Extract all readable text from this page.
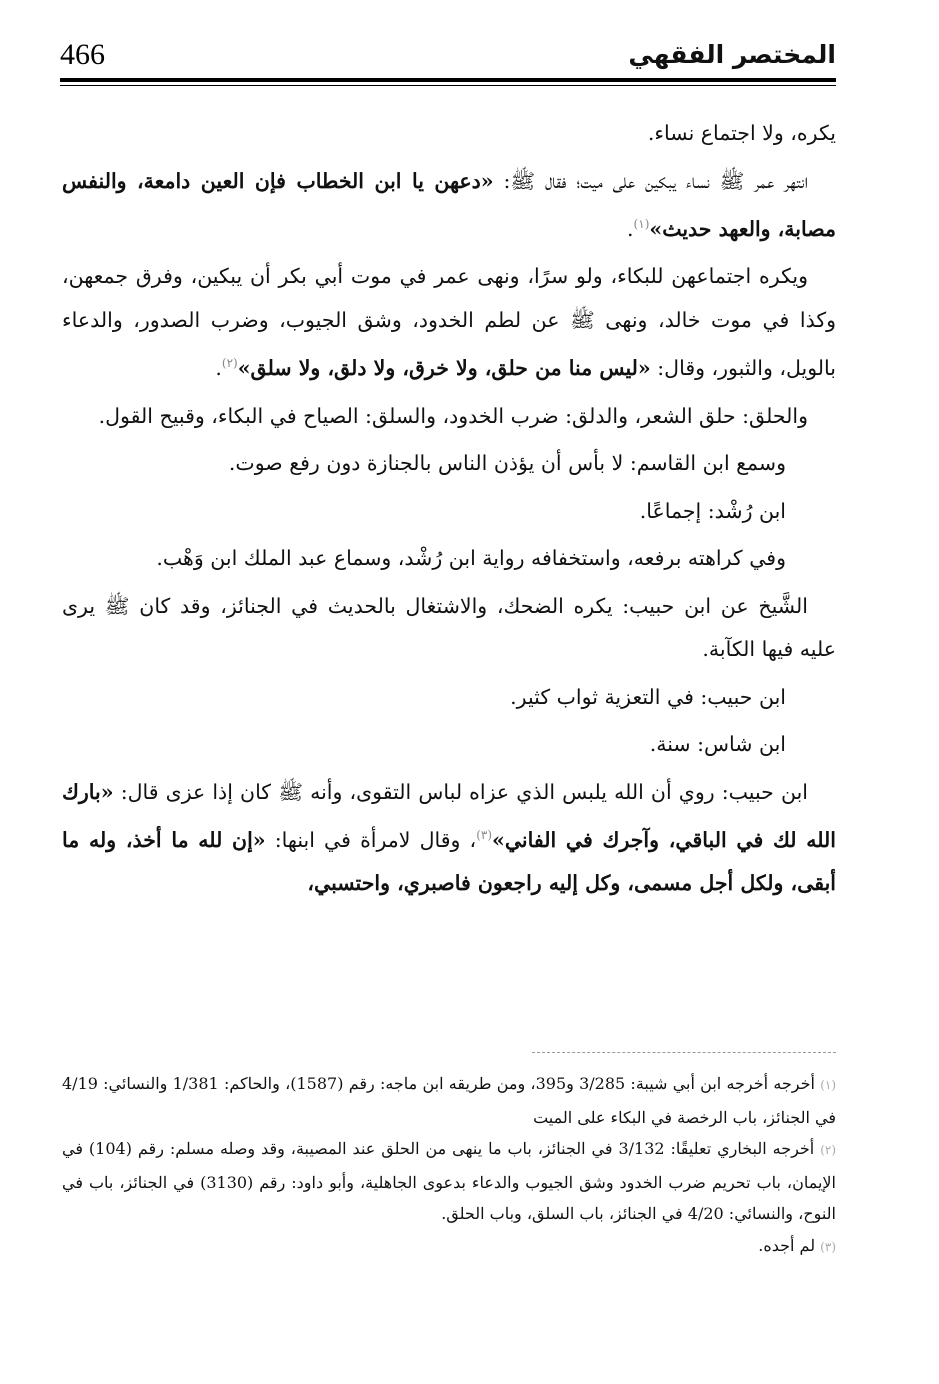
466	المختصر الفقهي

يكره، ولا اجتماع نساء.

انتهر عمر ﷺ نساء يبكين على ميت؛ فقال ﷺ: «دعهن يا ابن الخطاب فإن العين دامعة، والنفس مصابة، والعهد حديث»$^{(١)}$.

ويكره اجتماعهن للبكاء، ولو سرًا، ونهى عمر في موت أبي بكر أن يبكين، وفرق جمعهن، وكذا في موت خالد، ونهى ﷺ عن لطم الخدود، وشق الجيوب، وضرب الصدور، والدعاء بالويل، والثبور، وقال: «ليس منا من حلق، ولا خرق، ولا دلق، ولا سلق»$^{(٢)}$.

والحلق: حلق الشعر، والدلق: ضرب الخدود، والسلق: الصياح في البكاء، وقبيح القول.

وسمع ابن القاسم: لا بأس أن يؤذن الناس بالجنازة دون رفع صوت.

ابن رُشْد: إجماعًا.

وفي كراهته برفعه، واستخفافه رواية ابن رُشْد، وسماع عبد الملك ابن وَهْب.

الشَّيخ عن ابن حبيب: يكره الضحك، والاشتغال بالحديث في الجنائز، وقد كان ﷺ يرى عليه فيها الكآبة.

ابن حبيب: في التعزية ثواب كثير.

ابن شاس: سنة.

ابن حبيب: روي أن الله يلبس الذي عزاه لباس التقوى، وأنه ﷺ كان إذا عزى قال: «بارك الله لك في الباقي، وآجرك في الفاني»$^{(٣)}$، وقال لامرأة في ابنها: «إن لله ما أخذ، وله ما أبقى، ولكل أجل مسمى، وكل إليه راجعون فاصبري، واحتسبي،

(١) أخرجه أخرجه ابن أبي شيبة: 3/285 و395، ومن طريقه ابن ماجه: رقم (1587)، والحاكم: 1/381 والنسائي: 4/19 في الجنائز، باب الرخصة في البكاء على الميت

(٢) أخرجه البخاري تعليقًا: 3/132 في الجنائز، باب ما ينهى من الحلق عند المصيبة، وقد وصله مسلم: رقم (104) في الإيمان، باب تحريم ضرب الخدود وشق الجيوب والدعاء بدعوى الجاهلية، وأبو داود: رقم (3130) في الجنائز، باب في النوح، والنسائي: 4/20 في الجنائز، باب السلق، وباب الحلق.

(٣) لم أجده.
